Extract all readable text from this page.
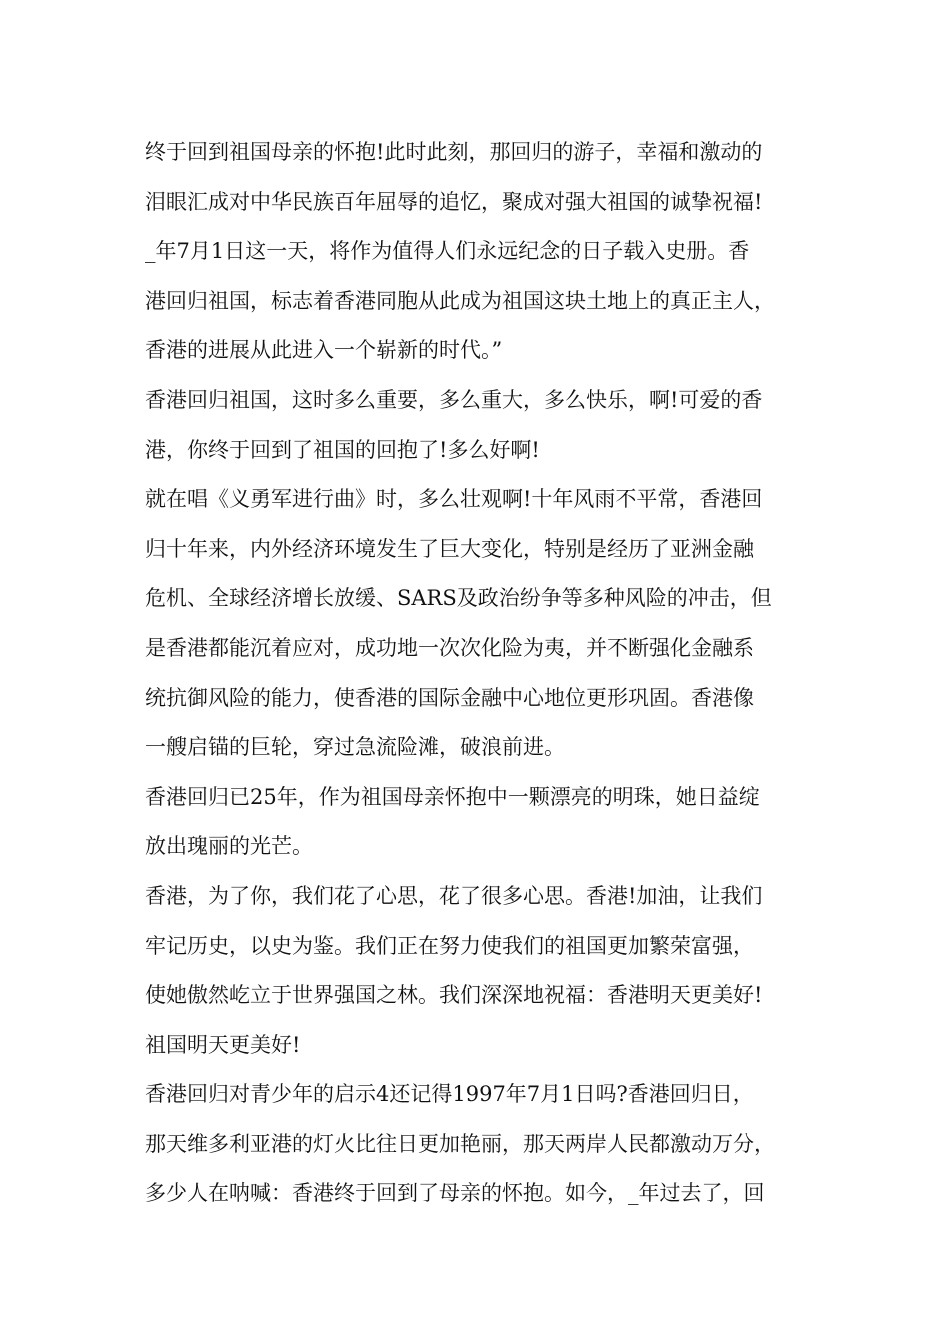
终于回到祖国母亲的怀抱!此时此刻，那回归的游子，幸福和激动的
泪眼汇成对中华民族百年屈辱的追忆，聚成对强大祖国的诚挚祝福!
_年7月1日这一天，将作为值得人们永远纪念的日子载入史册。香
港回归祖国，标志着香港同胞从此成为祖国这块土地上的真正主人，
香港的进展从此进入一个崭新的时代。”
香港回归祖国，这时多么重要，多么重大，多么快乐，啊!可爱的香
港，你终于回到了祖国的回抱了!多么好啊!
就在唱《义勇军进行曲》时，多么壮观啊!十年风雨不平常，香港回
归十年来，内外经济环境发生了巨大变化，特别是经历了亚洲金融
危机、全球经济增长放缓、SARS及政治纷争等多种风险的冲击，但
是香港都能沉着应对，成功地一次次化险为夷，并不断强化金融系
统抗御风险的能力，使香港的国际金融中心地位更形巩固。香港像
一艘启锚的巨轮，穿过急流险滩，破浪前进。
香港回归已25年，作为祖国母亲怀抱中一颗漂亮的明珠，她日益绽
放出瑰丽的光芒。
香港，为了你，我们花了心思，花了很多心思。香港!加油，让我们
牢记历史，以史为鉴。我们正在努力使我们的祖国更加繁荣富强，
使她傲然屹立于世界强国之林。我们深深地祝福：香港明天更美好!
祖国明天更美好!
香港回归对青少年的启示4还记得1997年7月1日吗?香港回归日，
那天维多利亚港的灯火比往日更加艳丽，那天两岸人民都激动万分，
多少人在呐喊：香港终于回到了母亲的怀抱。如今，_年过去了，回
